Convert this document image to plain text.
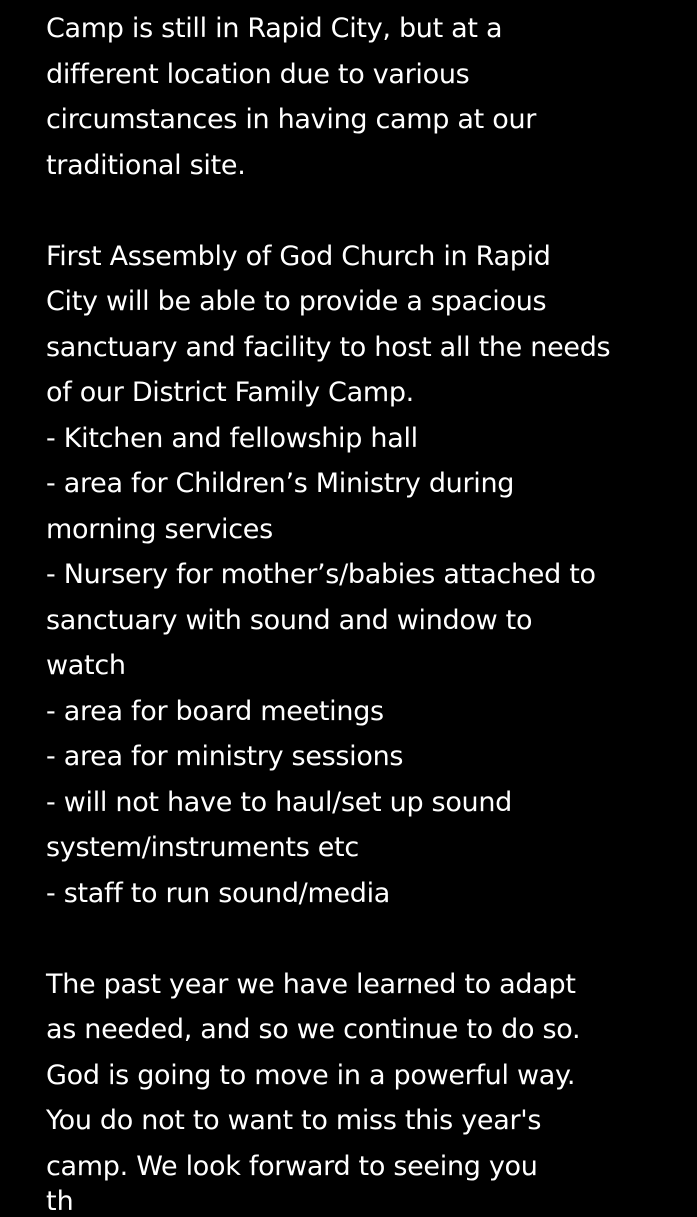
Camp is still in Rapid City, but at a
different location due to various
circumstances in having camp at our
traditional site.
First Assembly of God Church in Rapid
City will be able to provide a spacious
sanctuary and facility to host all the needs
of our District Family Camp.
- Kitchen and fellowship hall
- area for Children’s Ministry during
morning services
- Nursery for mother’s/babies attached to
sanctuary with sound and window to
watch
- area for board meetings
- area for ministry sessions
- will not have to haul/set up sound
system/instruments etc
- staff to run sound/media
The past year we have learned to adapt
as needed, and so we continue to do so.
God is going to move in a powerful way.
You do not to want to miss this year's
camp. We look forward to seeing you
th
